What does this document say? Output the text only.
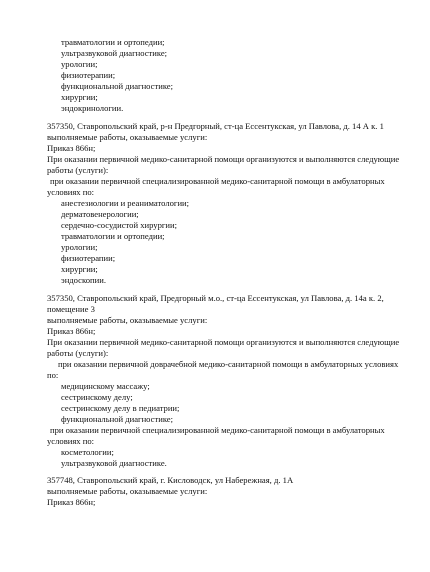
травматологии и ортопедии;
ультразвуковой диагностике;
урологии;
физиотерапии;
функциональной диагностике;
хирургии;
эндокринологии.
357350, Ставропольский край, р-н Предгорный, ст-ца Ессентукская, ул Павлова, д. 14 А к. 1
выполняемые работы, оказываемые услуги:
Приказ 866н;
При оказании первичной медико-санитарной помощи организуются и выполняются следующие
работы (услуги):
при оказании первичной специализированной медико-санитарной помощи в амбулаторных
условиях по:
анестезиологии и реаниматологии;
дерматовенерологии;
сердечно-сосудистой хирургии;
травматологии и ортопедии;
урологии;
физиотерапии;
хирургии;
эндоскопии.
357350, Ставропольский край, Предгорный м.о., ст-ца Ессентукская, ул Павлова, д. 14а к. 2,
помещение 3
выполняемые работы, оказываемые услуги:
Приказ 866н;
При оказании первичной медико-санитарной помощи организуются и выполняются следующие
работы (услуги):
при оказании первичной доврачебной медико-санитарной помощи в амбулаторных условиях
по:
медицинскому массажу;
сестринскому делу;
сестринскому делу в педиатрии;
функциональной диагностике;
при оказании первичной специализированной медико-санитарной помощи в амбулаторных
условиях по:
косметологии;
ультразвуковой диагностике.
357748, Ставропольский край, г. Кисловодск, ул Набережная, д. 1А
выполняемые работы, оказываемые услуги:
Приказ 866н;
